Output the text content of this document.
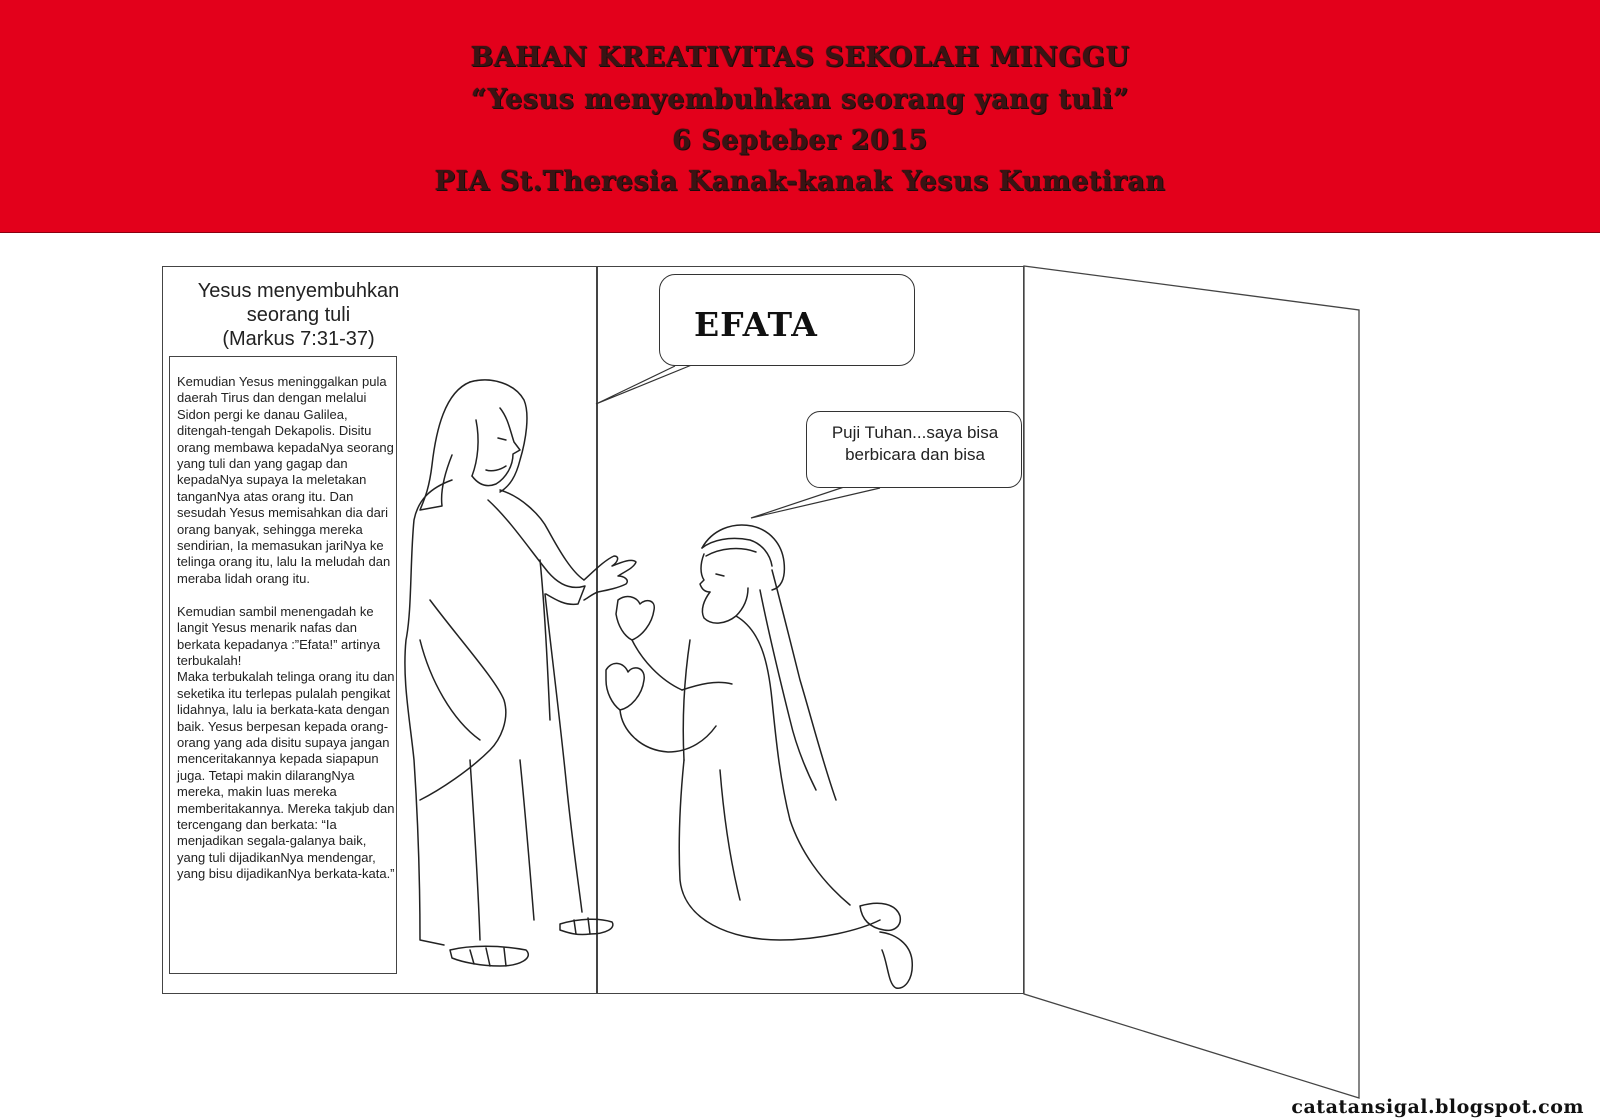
BAHAN KREATIVITAS SEKOLAH MINGGU
“Yesus menyembuhkan seorang yang tuli”
6 Septeber 2015
PIA St.Theresia Kanak-kanak Yesus Kumetiran
Yesus menyembuhkan
seorang tuli
(Markus 7:31-37)
Kemudian Yesus meninggalkan pula daerah Tirus dan dengan melalui Sidon pergi ke danau Galilea, ditengah-tengah Dekapolis. Disitu orang membawa kepadaNya seorang yang tuli dan yang gagap dan kepadaNya supaya Ia meletakan tanganNya atas orang itu. Dan sesudah Yesus memisahkan dia dari orang banyak, sehingga mereka sendirian, Ia memasukan jariNya ke telinga orang itu, lalu Ia meludah dan meraba lidah orang itu.

Kemudian sambil menengadah ke langit Yesus menarik nafas dan berkata kepadanya :”Efata!” artinya terbukalah!
Maka terbukalah telinga orang itu dan seketika itu terlepas pulalah pengikat lidahnya, lalu ia berkata-kata dengan baik. Yesus berpesan kepada orang-orang yang ada disitu supaya jangan menceritakannya kepada siapapun juga. Tetapi makin dilarangNya mereka, makin luas mereka memberitakannya. Mereka takjub dan tercengang dan berkata: “Ia menjadikan segala-galanya baik, yang tuli dijadikanNya mendengar, yang bisu dijadikanNya berkata-kata.”
EFATA
Puji Tuhan...saya bisa
berbicara dan bisa
catatansigal.blogspot.com
